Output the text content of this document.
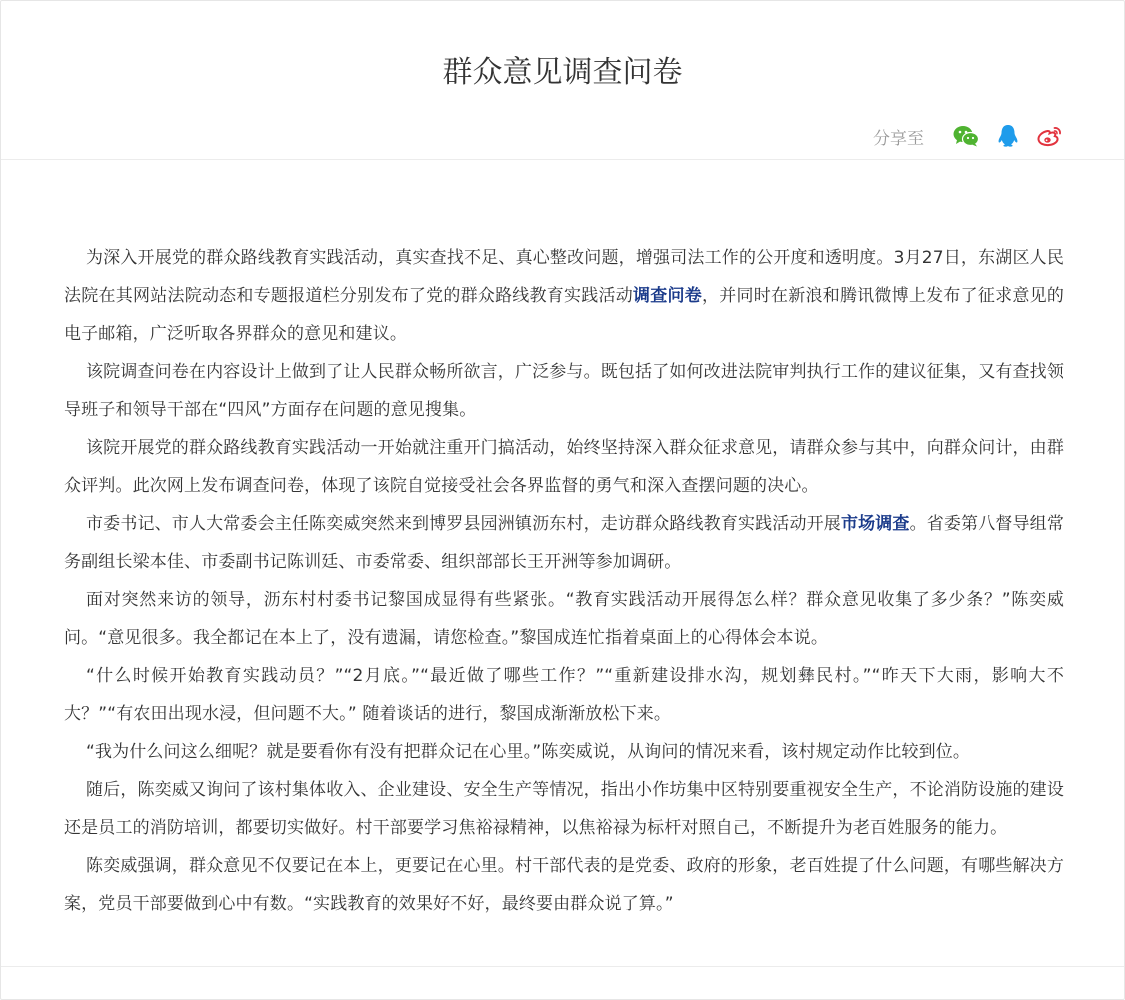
群众意见调查问卷
分享至

为深入开展党的群众路线教育实践活动，真实查找不足、真心整改问题，增强司法工作的公开度和透明度。3月27日，东湖区人民法院在其网站法院动态和专题报道栏分别发布了党的群众路线教育实践活动调查问卷，并同时在新浪和腾讯微博上发布了征求意见的电子邮箱，广泛听取各界群众的意见和建议。

该院调查问卷在内容设计上做到了让人民群众畅所欲言，广泛参与。既包括了如何改进法院审判执行工作的建议征集，又有查找领导班子和领导干部在“四风”方面存在问题的意见搜集。

该院开展党的群众路线教育实践活动一开始就注重开门搞活动，始终坚持深入群众征求意见，请群众参与其中，向群众问计，由群众评判。此次网上发布调查问卷，体现了该院自觉接受社会各界监督的勇气和深入查摆问题的决心。

市委书记、市人大常委会主任陈奕威突然来到博罗县园洲镇沥东村，走访群众路线教育实践活动开展市场调查。省委第八督导组常务副组长梁本佳、市委副书记陈训廷、市委常委、组织部部长王开洲等参加调研。

面对突然来访的领导，沥东村村委书记黎国成显得有些紧张。“教育实践活动开展得怎么样？群众意见收集了多少条？”陈奕威问。“意见很多。我全都记在本上了，没有遗漏，请您检查。”黎国成连忙指着桌面上的心得体会本说。

“什么时候开始教育实践动员？”“2月底。”“最近做了哪些工作？”“重新建设排水沟，规划彝民村。”“昨天下大雨，影响大不大？”“有农田出现水浸，但问题不大。” 随着谈话的进行，黎国成渐渐放松下来。

“我为什么问这么细呢？就是要看你有没有把群众记在心里。”陈奕威说，从询问的情况来看，该村规定动作比较到位。

随后，陈奕威又询问了该村集体收入、企业建设、安全生产等情况，指出小作坊集中区特别要重视安全生产，不论消防设施的建设还是员工的消防培训，都要切实做好。村干部要学习焦裕禄精神，以焦裕禄为标杆对照自己，不断提升为老百姓服务的能力。

陈奕威强调，群众意见不仅要记在本上，更要记在心里。村干部代表的是党委、政府的形象，老百姓提了什么问题，有哪些解决方案，党员干部要做到心中有数。“实践教育的效果好不好，最终要由群众说了算。”
